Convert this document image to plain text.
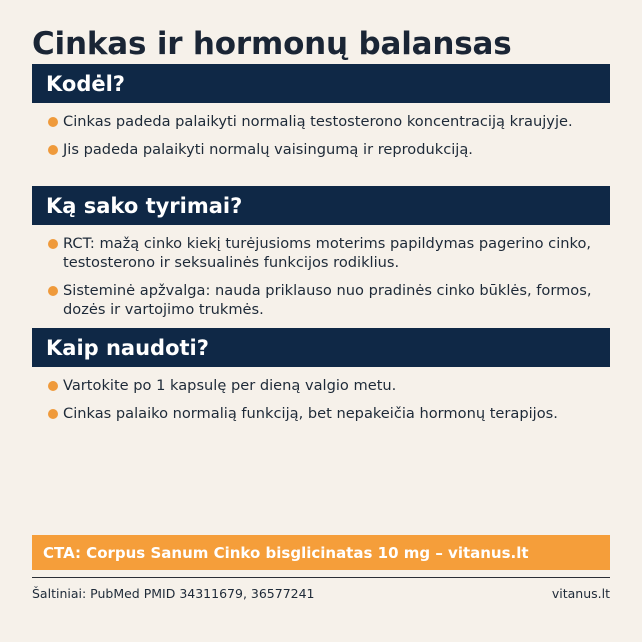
Cinkas ir hormonų balansas
Kodėl?
Cinkas padeda palaikyti normalią testosterono koncentraciją kraujyje.
Jis padeda palaikyti normalų vaisingumą ir reprodukciją.
Ką sako tyrimai?
RCT: mažą cinko kiekį turėjusioms moterims papildymas pagerino cinko, testosterono ir seksualinės funkcijos rodiklius.
Sisteminė apžvalga: nauda priklauso nuo pradinės cinko būklės, formos, dozės ir vartojimo trukmės.
Kaip naudoti?
Vartokite po 1 kapsulę per dieną valgio metu.
Cinkas palaiko normalią funkciją, bet nepakeičia hormonų terapijos.
CTA: Corpus Sanum Cinko bisglicinatas 10 mg – vitanus.lt
Šaltiniai: PubMed PMID 34311679, 36577241	vitanus.lt
